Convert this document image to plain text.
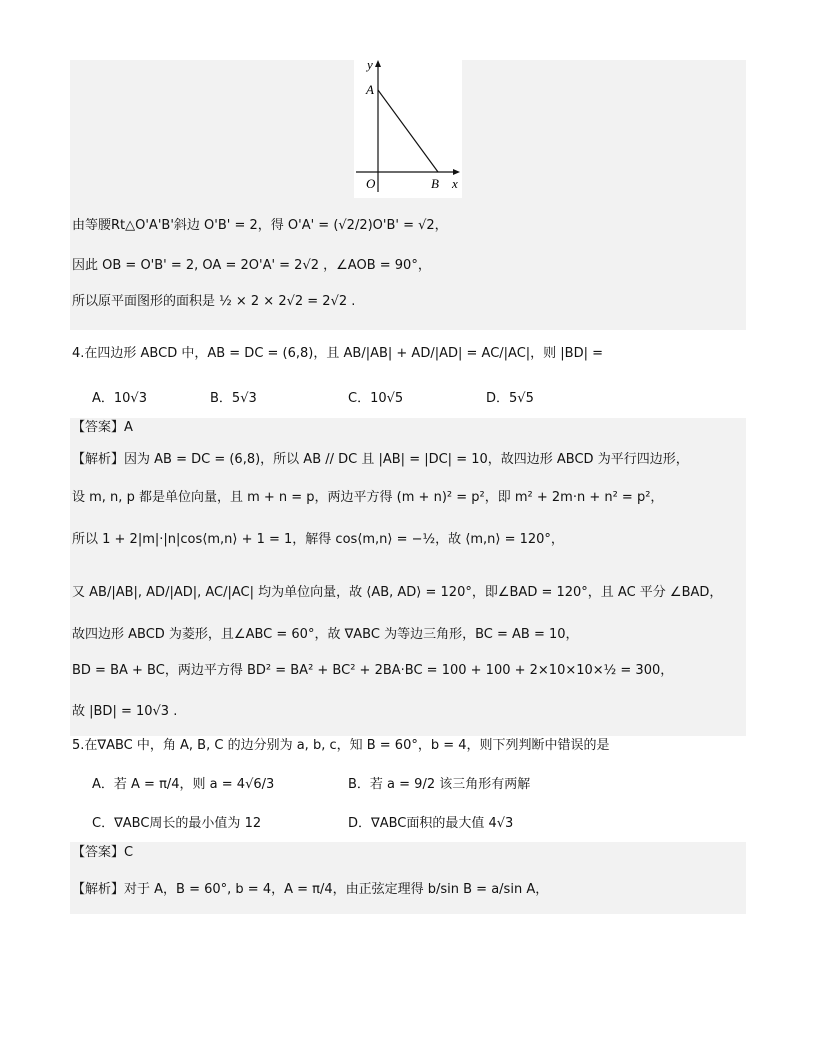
y
A
O	B x
由等腰Rt△O'A'B'斜边 O'B' = 2，得 O'A' = (√2/2)O'B' = √2，
因此 OB = O'B' = 2, OA = 2O'A' = 2√2 ，∠AOB = 90°，
所以原平面图形的面积是 ½ × 2 × 2√2 = 2√2 .
4.在四边形 ABCD 中，AB = DC = (6,8)，且 AB/|AB| + AD/|AD| = AC/|AC|，则 |BD| =
A．10√3	B．5√3	C．10√5	D．5√5
【答案】A
【解析】因为 AB = DC = (6,8)，所以 AB // DC 且 |AB| = |DC| = 10，故四边形 ABCD 为平行四边形，
设 m, n, p 都是单位向量，且 m + n = p，两边平方得 (m + n)² = p²，即 m² + 2m·n + n² = p²，
所以 1 + 2|m|·|n|cos⟨m,n⟩ + 1 = 1，解得 cos⟨m,n⟩ = −½，故 ⟨m,n⟩ = 120°，
又 AB/|AB|, AD/|AD|, AC/|AC| 均为单位向量，故 ⟨AB, AD⟩ = 120°，即∠BAD = 120°，且 AC 平分 ∠BAD，
故四边形 ABCD 为菱形，且∠ABC = 60°，故 ∇ABC 为等边三角形，BC = AB = 10，
BD = BA + BC，两边平方得 BD² = BA² + BC² + 2BA·BC = 100 + 100 + 2×10×10×½ = 300，
故 |BD| = 10√3 .
5.在∇ABC 中，角 A, B, C 的边分别为 a, b, c，知 B = 60°，b = 4，则下列判断中错误的是
A．若 A = π/4，则 a = 4√6/3	B．若 a = 9/2 该三角形有两解
C．∇ABC周长的最小值为 12	D．∇ABC面积的最大值 4√3
【答案】C
【解析】对于 A，B = 60°, b = 4，A = π/4，由正弦定理得 b/sin B = a/sin A，
